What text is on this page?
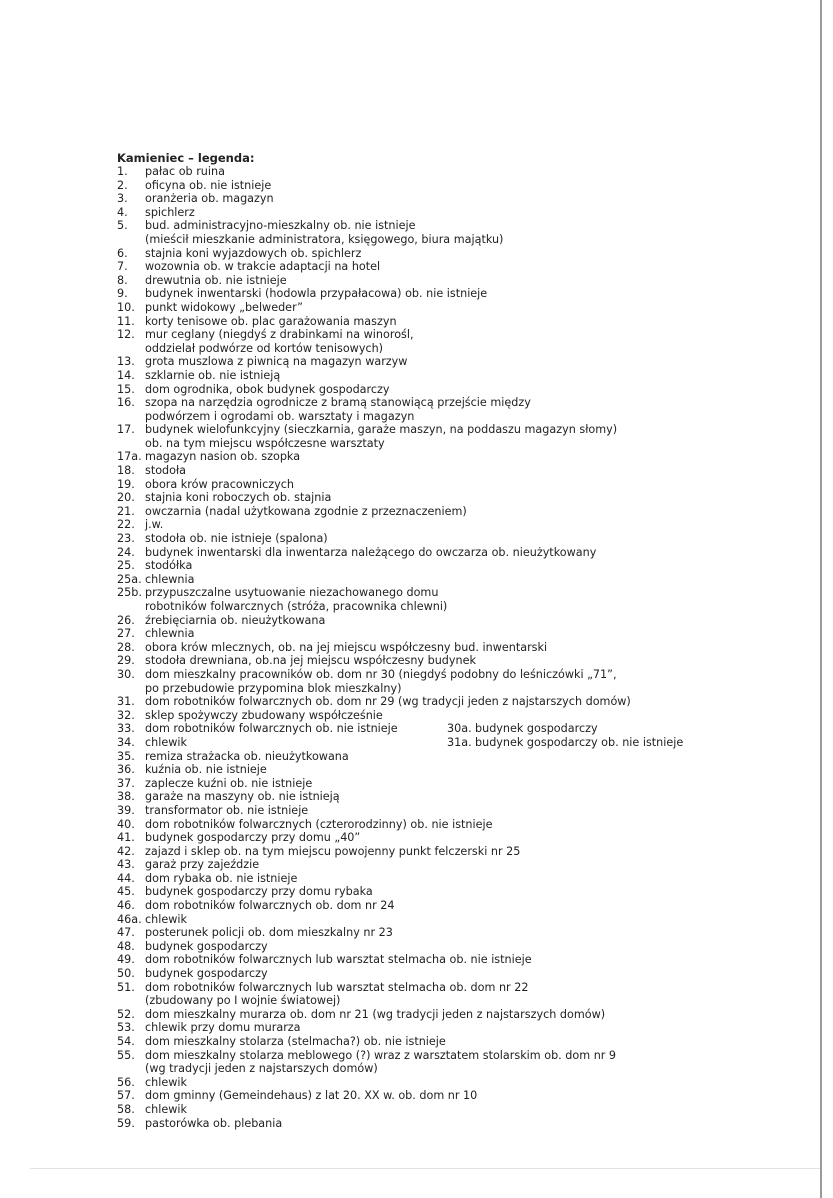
Kamieniec – legenda:
1.	pałac ob ruina
2.	oficyna ob. nie istnieje
3.	oranżeria ob. magazyn
4.	spichlerz
5.	bud. administracyjno-mieszkalny ob. nie istnieje
(mieścił mieszkanie administratora, księgowego, biura majątku)
6.	stajnia koni wyjazdowych ob. spichlerz
7.	wozownia ob. w trakcie adaptacji na hotel
8.	drewutnia ob. nie istnieje
9.	budynek inwentarski (hodowla przypałacowa) ob. nie istnieje
10. punkt widokowy „belweder”
11. korty tenisowe ob. plac garażowania maszyn
12. mur ceglany (niegdyś z drabinkami na winorośl,
oddzielał podwórze od kortów tenisowych)
13. grota muszlowa z piwnicą na magazyn warzyw
14. szklarnie ob. nie istnieją
15. dom ogrodnika, obok budynek gospodarczy
16. szopa na narzędzia ogrodnicze z bramą stanowiącą przejście między
podwórzem i ogrodami ob. warsztaty i magazyn
17. budynek wielofunkcyjny (sieczkarnia, garaże maszyn, na poddaszu magazyn słomy)
ob. na tym miejscu współczesne warsztaty
17a. magazyn nasion ob. szopka
18. stodoła
19. obora krów pracowniczych
20. stajnia koni roboczych ob. stajnia
21. owczarnia (nadal użytkowana zgodnie z przeznaczeniem)
22. j.w.
23. stodoła ob. nie istnieje (spalona)
24. budynek inwentarski dla inwentarza należącego do owczarza ob. nieużytkowany
25. stodółka
25a. chlewnia
25b. przypuszczalne usytuowanie niezachowanego domu
robotników folwarcznych (stróża, pracownika chlewni)
26. źrebięciarnia ob. nieużytkowana
27. chlewnia
28. obora krów mlecznych, ob. na jej miejscu współczesny bud. inwentarski
29. stodoła drewniana, ob.na jej miejscu współczesny budynek
30. dom mieszkalny pracowników ob. dom nr 30 (niegdyś podobny do leśniczówki „71”,
po przebudowie przypomina blok mieszkalny)
31. dom robotników folwarcznych ob. dom nr 29 (wg tradycji jeden z najstarszych domów)
32. sklep spożywczy zbudowany współcześnie
33. dom robotników folwarcznych ob. nie istnieje	30a. budynek gospodarczy
34. chlewik	31a. budynek gospodarczy ob. nie istnieje
35. remiza strażacka ob. nieużytkowana
36. kuźnia ob. nie istnieje
37. zaplecze kuźni ob. nie istnieje
38. garaże na maszyny ob. nie istnieją
39. transformator ob. nie istnieje
40. dom robotników folwarcznych (czterorodzinny) ob. nie istnieje
41. budynek gospodarczy przy domu „40”
42. zajazd i sklep ob. na tym miejscu powojenny punkt felczerski nr 25
43. garaż przy zajeździe
44. dom rybaka ob. nie istnieje
45. budynek gospodarczy przy domu rybaka
46. dom robotników folwarcznych ob. dom nr 24
46a. chlewik
47. posterunek policji ob. dom mieszkalny nr 23
48. budynek gospodarczy
49. dom robotników folwarcznych lub warsztat stelmacha ob. nie istnieje
50. budynek gospodarczy
51. dom robotników folwarcznych lub warsztat stelmacha ob. dom nr 22
(zbudowany po I wojnie światowej)
52. dom mieszkalny murarza ob. dom nr 21 (wg tradycji jeden z najstarszych domów)
53. chlewik przy domu murarza
54. dom mieszkalny stolarza (stelmacha?) ob. nie istnieje
55. dom mieszkalny stolarza meblowego (?) wraz z warsztatem stolarskim ob. dom nr 9
(wg tradycji jeden z najstarszych domów)
56. chlewik
57. dom gminny (Gemeindehaus) z lat 20. XX w. ob. dom nr 10
58. chlewik
59. pastorówka ob. plebania
